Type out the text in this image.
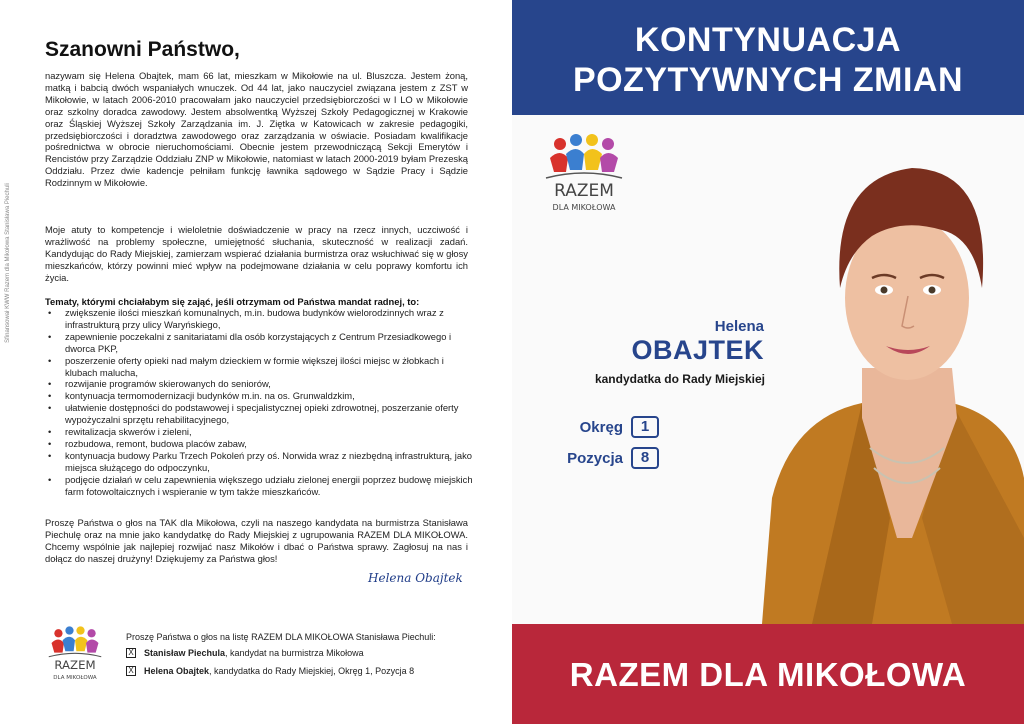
Sfinansował KWW Razem dla Mikołowa Stanisława Piechuli
Szanowni Państwo,

nazywam się Helena Obajtek, mam 66 lat, mieszkam w Mikołowie na ul. Bluszcza. Jestem żoną, matką i babcią dwóch wspaniałych wnuczek. Od 44 lat, jako nauczyciel związana jestem z ZST w Mikołowie, w latach 2006-2010 pracowałam jako nauczyciel przedsiębiorczości w I LO w Mikołowie oraz szkolny doradca zawodowy. Jestem absolwentką Wyższej Szkoły Pedagogicznej w Krakowie oraz Śląskiej Wyższej Szkoły Zarządzania im. J. Ziętka w Katowicach w zakresie pedagogiki, przedsiębiorczości i doradztwa zawodowego oraz zarządzania w oświacie. Posiadam kwalifikacje pośrednictwa w obrocie nieruchomościami. Obecnie jestem przewodniczącą Sekcji Emerytów i Rencistów przy Zarządzie Oddziału ZNP w Mikołowie, natomiast w latach 2000-2019 byłam Prezeską Oddziału. Przez dwie kadencje pełniłam funkcję ławnika sądowego w Sądzie Pracy i Sądzie Rodzinnym w Mikołowie.

Moje atuty to kompetencje i wieloletnie doświadczenie w pracy na rzecz innych, uczciwość i wrażliwość na problemy społeczne, umiejętność słuchania, skuteczność w realizacji zadań. Kandydując do Rady Miejskiej, zamierzam wspierać działania burmistrza oraz wsłuchiwać się w głosy mieszkańców, którzy powinni mieć wpływ na podejmowane działania w celu poprawy komfortu ich życia.

Tematy, którymi chciałabym się zająć, jeśli otrzymam od Państwa mandat radnej, to:
• zwiększenie ilości mieszkań komunalnych, m.in. budowa budynków wielorodzinnych wraz z infrastrukturą przy ulicy Waryńskiego,
• zapewnienie poczekalni z sanitariatami dla osób korzystających z Centrum Przesiadkowego i dworca PKP,
• poszerzenie oferty opieki nad małym dzieckiem w formie większej ilości miejsc w żłobkach i klubach malucha,
• rozwijanie programów skierowanych do seniorów,
• kontynuacja termomodernizacji budynków m.in. na os. Grunwaldzkim,
• ułatwienie dostępności do podstawowej i specjalistycznej opieki zdrowotnej, poszerzanie oferty wypożyczalni sprzętu rehabilitacyjnego,
• rewitalizacja skwerów i zieleni,
• rozbudowa, remont, budowa placów zabaw,
• kontynuacja budowy Parku Trzech Pokoleń przy oś. Norwida wraz z niezbędną infrastrukturą, jako miejsca służącego do odpoczynku,
• podjęcie działań w celu zapewnienia większego udziału zielonej energii poprzez budowę miejskich farm fotowoltaicznych i wspieranie w tym także mieszkańców.

Proszę Państwa o głos na TAK dla Mikołowa, czyli na naszego kandydata na burmistrza Stanisława Piechulę oraz na mnie jako kandydatkę do Rady Miejskiej z ugrupowania RAZEM DLA MIKOŁOWA. Chcemy wspólnie jak najlepiej rozwijać nasz Mikołów i dbać o Państwa sprawy. Zagłosuj na nas i dołącz do naszej drużyny! Dziękujemy za Państwa głos!

Helena Obajtek
RAZEM
DLA MIKOŁOWA
Proszę Państwa o głos na listę RAZEM DLA MIKOŁOWA Stanisława Piechuli:
X Stanisław Piechula , kandydat na burmistrza Mikołowa
X Helena Obajtek , kandydatka do Rady Miejskiej, Okręg 1, Pozycja 8
KONTYNUACJA
POZYTYWNYCH ZMIAN
RAZEM
DLA MIKOŁOWA
Helena
OBAJTEK
kandydatka do Rady Miejskiej
Okręg	1
Pozycja	8
RAZEM DLA MIKOŁOWA
